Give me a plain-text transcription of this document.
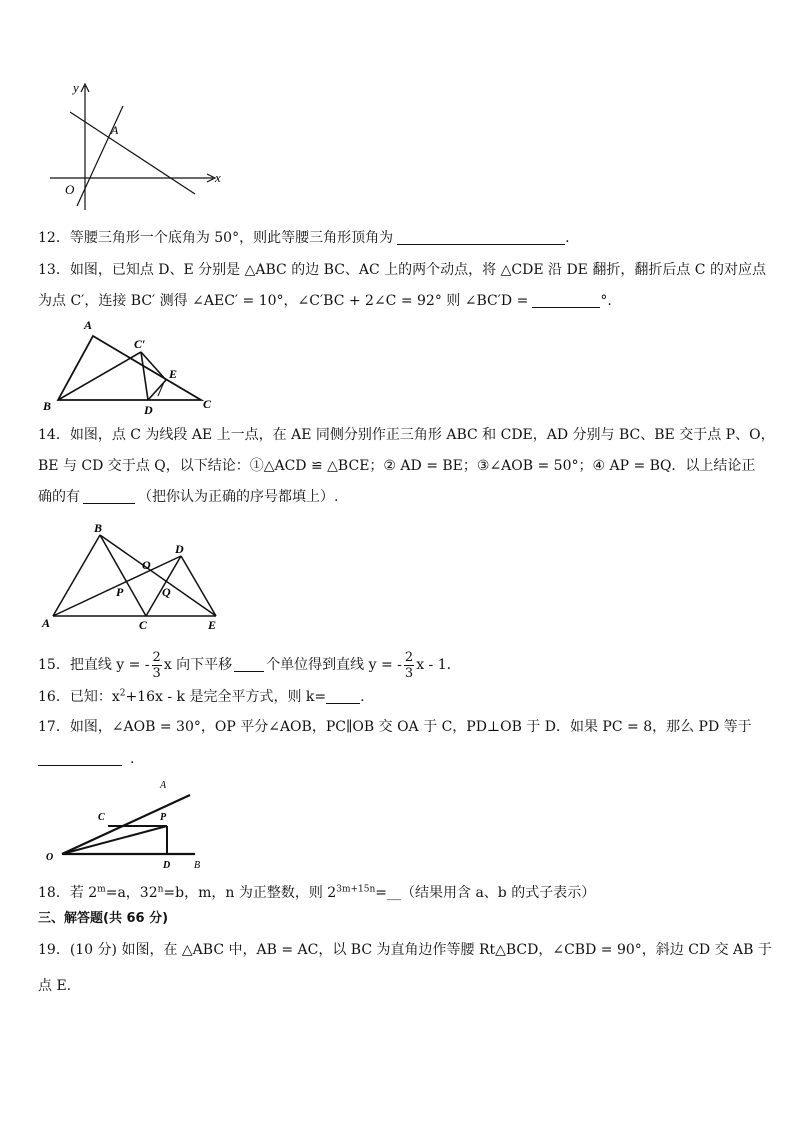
y
x
A
O
12．等腰三角形一个底角为 50°，则此等腰三角形顶角为	.
13．如图，已知点 D、E 分别是 △ABC 的边 BC、AC 上的两个动点，将 △CDE 沿 DE 翻折，翻折后点 C 的对应点
为点 C′，连接 BC′ 测得 ∠AEC′ = 10°，∠C′BC + 2∠C = 92° 则 ∠BC′D =	°.
A
C′
E
B	D	C
14．如图，点 C 为线段 AE 上一点，在 AE 同侧分别作正三角形 ABC 和 CDE，AD 分别与 BC、BE 交于点 P、O，
BE 与 CD 交于点 Q，以下结论：①△ACD ≌ △BCE；② AD = BE；③∠AOB = 50°；④ AP = BQ．以上结论正
确的有	（把你认为正确的序号都填上）.
B
D
O
P	Q
A	C	E
15．把直线 y = - $\frac{2}{3}$ x 向下平移 个单位得到直线 y = - $\frac{2}{3}$ x - 1．
16．已知：$x^2+16x - k$ 是完全平方式，则 k= .
17．如图，∠AOB = 30°，OP 平分∠AOB，PC∥OB 交 OA 于 C，PD⊥OB 于 D．如果 PC = 8，那么 PD 等于
.
A
C	P
O
D B
18．若 $2^m=a$，$32^n=b$，m，n 为正整数，则 $2^{3m+15n}=\_\_$（结果用含 a、b 的式子表示）
三、解答题(共 66 分)
19．(10 分) 如图，在 △ABC 中，AB = AC，以 BC 为直角边作等腰 Rt△BCD，∠CBD = 90°，斜边 CD 交 AB 于
点 E.
